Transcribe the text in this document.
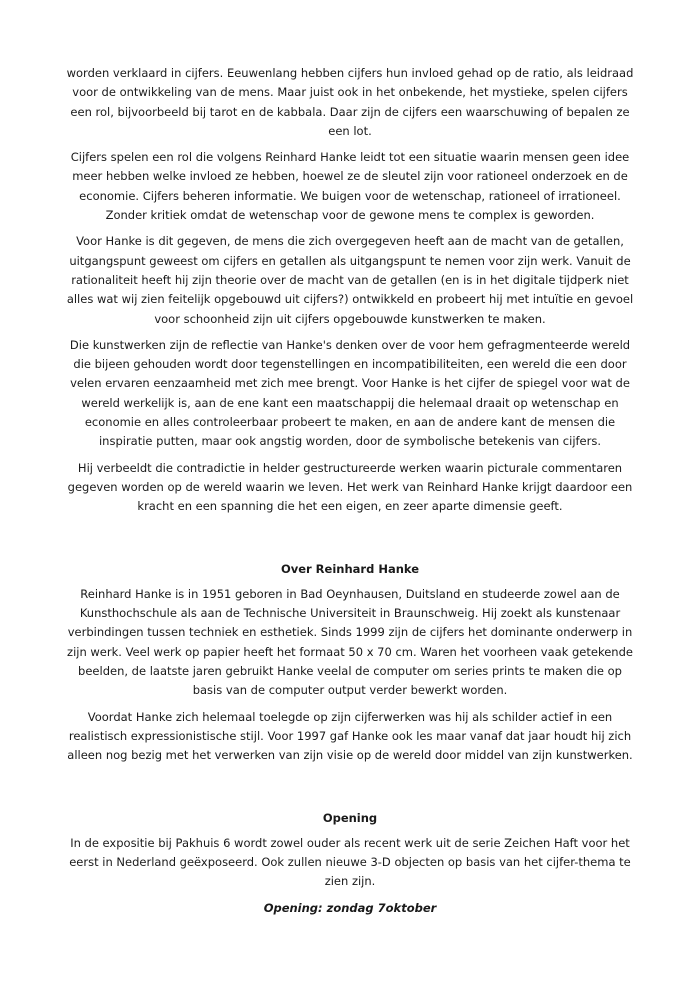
worden verklaard in cijfers. Eeuwenlang hebben cijfers hun invloed gehad op de ratio, als leidraad voor de ontwikkeling van de mens. Maar juist ook in het onbekende, het mystieke, spelen cijfers een rol, bijvoorbeeld bij tarot en de kabbala. Daar zijn de cijfers een waarschuwing of bepalen ze een lot.

Cijfers spelen een rol die volgens Reinhard Hanke leidt tot een situatie waarin mensen geen idee meer hebben welke invloed ze hebben, hoewel ze de sleutel zijn voor rationeel onderzoek en de economie. Cijfers beheren informatie. We buigen voor de wetenschap, rationeel of irrationeel. Zonder kritiek omdat de wetenschap voor de gewone mens te complex is geworden.

Voor Hanke is dit gegeven, de mens die zich overgegeven heeft aan de macht van de getallen, uitgangspunt geweest om cijfers en getallen als uitgangspunt te nemen voor zijn werk. Vanuit de rationaliteit heeft hij zijn theorie over de macht van de getallen (en is in het digitale tijdperk niet alles wat wij zien feitelijk opgebouwd uit cijfers?) ontwikkeld en probeert hij met intuïtie en gevoel voor schoonheid zijn uit cijfers opgebouwde kunstwerken te maken.

Die kunstwerken zijn de reflectie van Hanke's denken over de voor hem gefragmenteerde wereld die bijeen gehouden wordt door tegenstellingen en incompatibiliteiten, een wereld die een door velen ervaren eenzaamheid met zich mee brengt. Voor Hanke is het cijfer de spiegel voor wat de wereld werkelijk is, aan de ene kant een maatschappij die helemaal draait op wetenschap en economie en alles controleerbaar probeert te maken, en aan de andere kant de mensen die inspiratie putten, maar ook angstig worden, door de symbolische betekenis van cijfers.

Hij verbeeldt die contradictie in helder gestructureerde werken waarin picturale commentaren gegeven worden op de wereld waarin we leven. Het werk van Reinhard Hanke krijgt daardoor een kracht en een spanning die het een eigen, en zeer aparte dimensie geeft.

Over Reinhard Hanke

Reinhard Hanke is in 1951 geboren in Bad Oeynhausen, Duitsland en studeerde zowel aan de Kunsthochschule als aan de Technische Universiteit in Braunschweig. Hij zoekt als kunstenaar verbindingen tussen techniek en esthetiek. Sinds 1999 zijn de cijfers het dominante onderwerp in zijn werk. Veel werk op papier heeft het formaat 50 x 70 cm. Waren het voorheen vaak getekende beelden, de laatste jaren gebruikt Hanke veelal de computer om series prints te maken die op basis van de computer output verder bewerkt worden.

Voordat Hanke zich helemaal toelegde op zijn cijferwerken was hij als schilder actief in een realistisch expressionistische stijl. Voor 1997 gaf Hanke ook les maar vanaf dat jaar houdt hij zich alleen nog bezig met het verwerken van zijn visie op de wereld door middel van zijn kunstwerken.

Opening

In de expositie bij Pakhuis 6 wordt zowel ouder als recent werk uit de serie Zeichen Haft voor het eerst in Nederland geëxposeerd. Ook zullen nieuwe 3-D objecten op basis van het cijfer-thema te zien zijn.

Opening: zondag 7oktober
